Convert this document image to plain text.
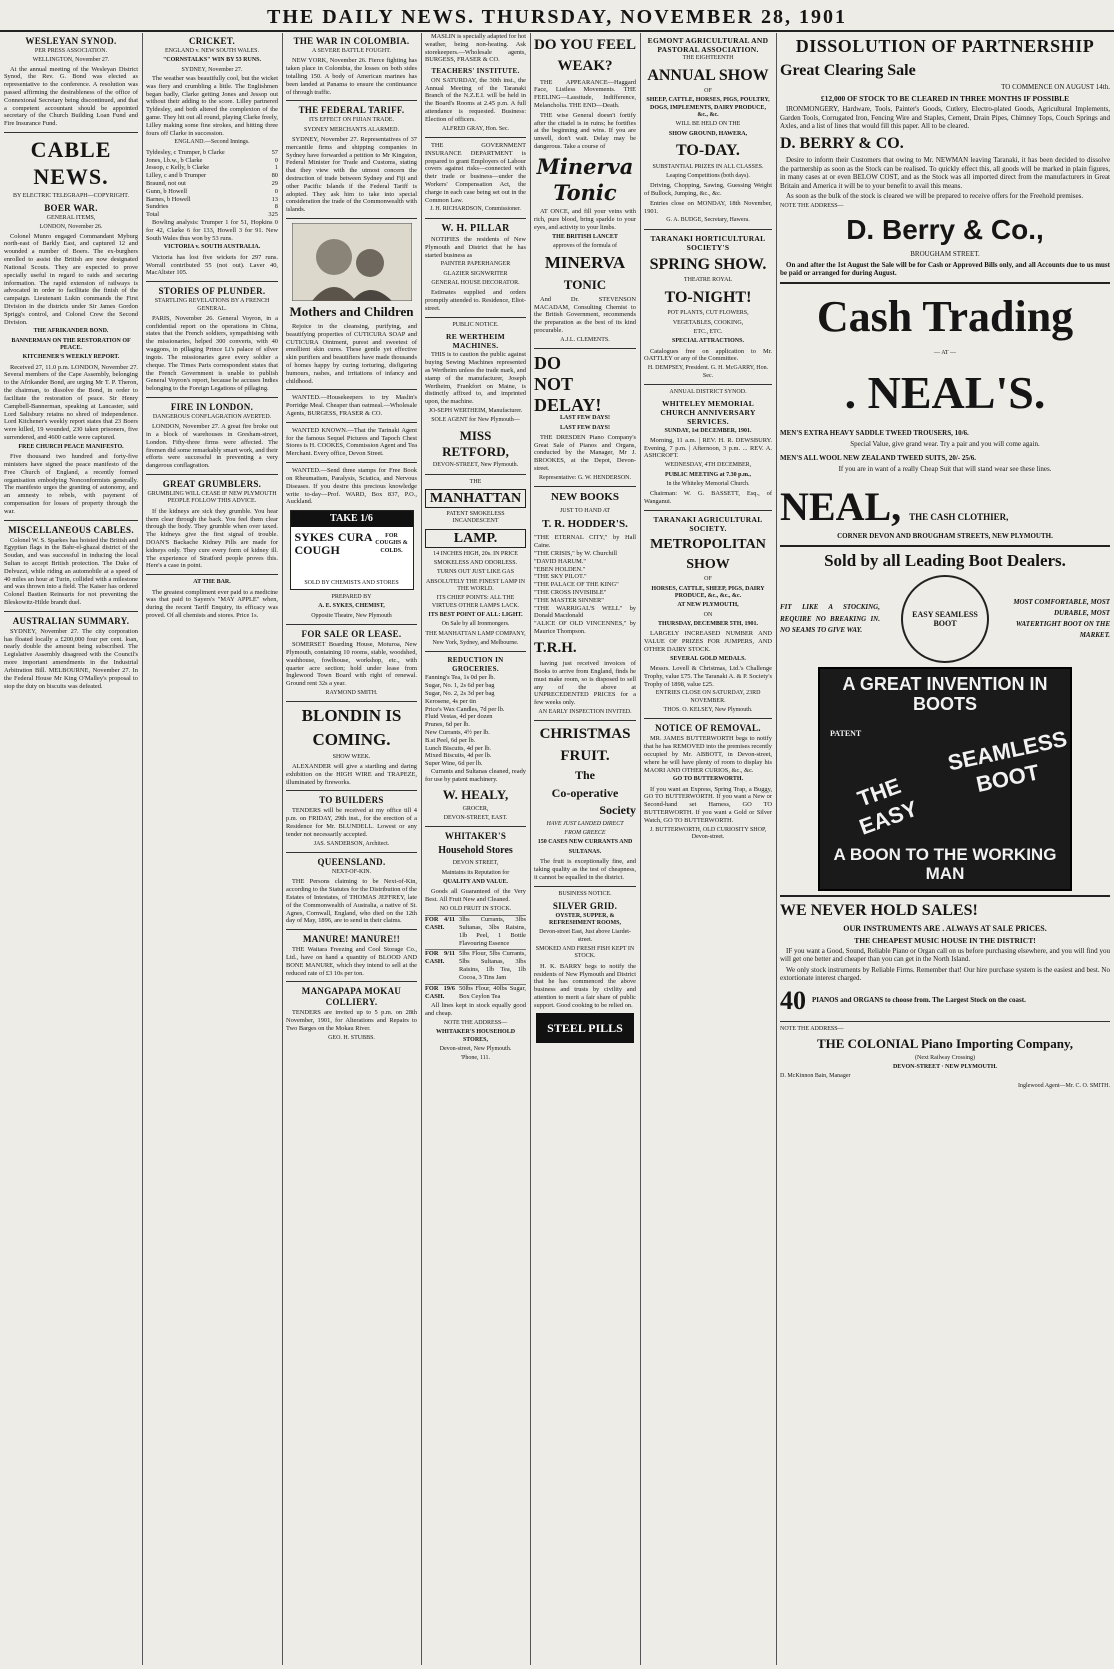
THE DAILY NEWS. THURSDAY, NOVEMBER 28, 1901
WESLEYAN SYNOD.
PER PRESS ASSOCIATION.
WELLINGTON, November 27.

At the annual meeting of the Wesleyan District Synod, the Rev. G. Bond was elected as representative to the conference. A resolution was passed affirming the desirableness of the office of Connexional Secretary being discontinued, and that a competent accountant should be appointed secretary of the Church Building Loan Fund and Fire Insurance Fund.

CABLE NEWS.
BY ELECTRIC TELEGRAPH—COPYRIGHT.
BOER WAR.
GENERAL ITEMS,
LONDON, November 26.

Colonel Munro engaged Commandant Myburg north-east of Barkly East, and captured 12 and wounded a number of Boers. The ex-burghers enrolled to assist the British are now designated National Scouts. They are expected to prove specially useful in regard to raids and securing information. The rapid extension of railways is advocated in order to facilitate the finish of the campaign. Lieutenant Lukin commands the First Division in the districts under Sir James Gordon Sprigg's control, and Colonel Crew the Second Division.

THE AFRIKANDER BOND.
BANNERMAN ON THE RESTORATION OF PEACE.
KITCHENER'S WEEKLY REPORT.

Received 27, 11.0 p.m. LONDON, November 27. Several members of the Cape Assembly, belonging to the Afrikander Bond, are urging Mr T. P. Theron, the chairman, to dissolve the Bond, in order to facilitate the restoration of peace. Sir Henry Campbell-Bannerman, speaking at Lancaster, said Lord Salisbury retains no shred of independence. Lord Kitchener's weekly report states that 23 Boers were killed, 19 wounded, 230 taken prisoners, five surrendered, and 4600 cattle were captured.

FREE CHURCH PEACE MANIFESTO.

Five thousand two hundred and forty-five ministers have signed the peace manifesto of the Free Church of England, a recently formed organisation embodying Nonconformists generally. The manifesto urges the granting of autonomy, and an amnesty to rebels, with payment of compensation for losses of property through the war.

MISCELLANEOUS CABLES.

Colonel W. S. Sparkes has hoisted the British and Egyptian flags in the Bahr-el-ghazal district of the Soudan, and was successful in inducing the local Sultan to accept British protection. The Duke of Delvuzzi, while riding an automobile at a speed of 40 miles an hour at Turin, collided with a milestone and was thrown into a field. The Kaiser has ordered Colonel Bastien Reinsurts for not preventing the Bleskowitz-Hilde brandt duel.

AUSTRALIAN SUMMARY.

SYDNEY, November 27. The city corporation has floated locally a £200,000 four per cent. loan, nearly double the amount being subscribed. The Legislative Assembly disagreed with the Council's more important amendments in the Industrial Arbitration Bill. MELBOURNE, November 27. In the Federal House Mr King O'Malley's proposal to stop the duty on biscuits was defeated.

CRICKET.
ENGLAND v. NEW SOUTH WALES.
"CORNSTALKS" WIN BY 53 RUNS.
SYDNEY, November 27.

The weather was beautifully cool, but the wicket was fiery and crumbling a little. The Englishmen began badly, Clarke getting Jones and Jessop out without their adding to the score. Lilley partnered Tyldesley, and both altered the complexion of the game. They hit out all round, playing Clarke freely, Lilley making some fine strokes, and hitting three fours off Clarke in succession.

ENGLAND.—Second Innings.
Tyldesley, c Trumper, b Clarke	57
Jones, l.b.w., b Clarke	0
Jessop, c Kelly, b Clarke	1
Lilley, c and b Trumper	80
Braund, not out	29
Gunn, b Howell	0
Barnes, b Howell	13
Sundries	8
Total	325

Bowling analysis: Trumper 1 for 51, Hopkins 0 for 42, Clarke 6 for 133, Howell 3 for 91. New South Wales thus won by 53 runs.

VICTORIA v. SOUTH AUSTRALIA.

Victoria has lost five wickets for 297 runs. Worrall contributed 55 (not out). Laver 40, MacAlister 105.

STORIES OF PLUNDER.
STARTLING REVELATIONS BY A FRENCH GENERAL.

PARIS, November 26. General Voyron, in a confidential report on the operations in China, states that the French soldiers, sympathising with the missionaries, helped 300 converts, with 40 waggons, in pillaging Prince Li's palace of silver ingots. The missionaries gave every soldier a cheque. The Times Paris correspondent states that the French Government is unable to publish General Voyron's report, because he accuses Indies belonging to the Foreign Legations of pillaging.

FIRE IN LONDON.
DANGEROUS CONFLAGRATION AVERTED.

LONDON, November 27. A great fire broke out in a block of warehouses in Gresham-street, London. Fifty-three firms were affected. The firemen did some remarkably smart work, and their efforts were successful in preventing a very dangerous conflagration.

GREAT GRUMBLERS.
GRUMBLING WILL CEASE IF NEW PLYMOUTH PEOPLE FOLLOW THIS ADVICE.

If the kidneys are sick they grumble. You hear them clear through the back. You feel them clear through the body. They grumble when over taxed. The kidneys give the first signal of trouble. DOAN'S Backache Kidney Pills are made for kidneys only. They cure every form of kidney ill. The experience of Stratford people proves this. Here's a case in point.

AT THE BAR.

The greatest compliment ever paid to a medicine was that paid to Sayers's "MAY APPLE" when, during the recent Tariff Enquiry, its efficacy was proved. Of all chemists and stores. Price 1s.

THE WAR IN COLOMBIA.
A SEVERE BATTLE FOUGHT.

NEW YORK, November 26. Fierce fighting has taken place in Colombia, the losses on both sides totalling 150. A body of American marines has been landed at Panama to ensure the continuance of through traffic.

THE FEDERAL TARIFF.
ITS EFFECT ON FIJIAN TRADE.
SYDNEY MERCHANTS ALARMED.

SYDNEY, November 27. Representatives of 37 mercantile firms and shipping companies in Sydney have forwarded a petition to Mr Kingston, Federal Minister for Trade and Customs, stating that they view with the utmost concern the destruction of trade between Sydney and Fiji and other Pacific Islands if the Federal Tariff is adopted. They ask him to take into special consideration the trade of the Commonwealth with islands.

Mothers and Children

Rejoice in the cleansing, purifying, and beautifying properties of CUTICURA SOAP and CUTICURA Ointment, purest and sweetest of emollient skin cures. These gentle yet effective skin purifiers and beautifiers have made thousands of homes happy by curing torturing, disfiguring humours, rashes, and irritations of infancy and childhood.

WANTED.—Housekeepers to try Maslin's Porridge Meal. Cheaper than oatmeal.—Wholesale Agents, BURGESS, FRASER & CO.

WANTED KNOWN.—That the Tarinaki Agent for the famous Sequel Pictures and Tapoch Chest Stores is H. COOKES, Commission Agent and Tea Merchant. Every office, Devon Street.

WANTED.—Send three stamps for Free Book on Rheumatism, Paralysis, Sciatica, and Nervous Diseases. If you desire this precious knowledge write to-day—Prof. WARD, Box 837, P.O., Auckland.

TAKE 1/6
SYKES CURA COUGH
FOR COUGHS & COLDS.
SOLD BY CHEMISTS AND STORES
PREPARED BY
A. E. SYKES, CHEMIST,
Opposite Theatre, New Plymouth
FOR SALE OR LEASE.

SOMERSET Boarding House, Moturoa, New Plymouth, containing 10 rooms, stable, woodshed, washhouse, fowlhouse, workshop, etc., with quarter acre section; hold under lease from Inglewood Town Board with right of renewal. Ground rent 32s a year.

RAYMOND SMITH.
BLONDIN IS
COMING.
SHOW WEEK.

ALEXANDER will give a startling and daring exhibition on the HIGH WIRE and TRAPEZE, illuminated by fireworks.

TO BUILDERS

TENDERS will be received at my office till 4 p.m. on FRIDAY, 29th inst., for the erection of a Residence for Mr. BLUNDELL. Lowest or any tender not necessarily accepted.

JAS. SANDERSON, Architect.
QUEENSLAND.
NEXT-OF-KIN.

THE Persons claiming to be Next-of-Kin, according to the Statutes for the Distribution of the Estates of Intestates, of THOMAS JEFFREY, late of the Commonwealth of Australia, a native of St. Agnes, Cornwall, England, who died on the 12th day of May, 1896, are to send in their claims.

MANURE! MANURE!!

THE Waitara Freezing and Cool Storage Co., Ltd., have on hand a quantity of BLOOD AND BONE MANURE, which they intend to sell at the reduced rate of £3 10s per ton.

MANGAPAPA MOKAU COLLIERY.

TENDERS are invited up to 5 p.m. on 28th November, 1901, for Alterations and Repairs to Two Barges on the Mokau River.

GEO. H. STUBBS.

MASLIN is specially adapted for hot weather, being non-heating. Ask storekeepers.—Wholesale agents, BURGESS, FRASER & CO.

TEACHERS' INSTITUTE.

ON SATURDAY, the 30th inst., the Annual Meeting of the Taranaki Branch of the N.Z.E.I. will be held in the Board's Rooms at 2.45 p.m. A full attendance is requested. Business: Election of officers.

ALFRED GRAY, Hon. Sec.

THE GOVERNMENT INSURANCE DEPARTMENT is prepared to grant Employers of Labour covers against risks—connected with their trade or business—under the Workers' Compensation Act, the charge in each case being set out in the Common Law.

J. H. RICHARDSON, Commissioner.
W. H. PILLAR

NOTIFIES the residents of New Plymouth and District that he has started business as

PAINTER PAPERHANGER
GLAZIER SIGNWRITER
GENERAL HOUSE DECORATOR.

Estimates supplied and orders promptly attended to. Residence, Eliot-street.

PUBLIC NOTICE.
RE WERTHEIM MACHINES.

THIS is to caution the public against buying Sewing Machines represented as Wertheim unless the trade mark, and stamp of the manufacturer, Joseph Wertheim, Frankfort on Maine, is distinctly affixed to, and imprinted upon, the machine.

JO-SEPH WERTHEIM, Manufacturer.
SOLE AGENT for New Plymouth—
MISS RETFORD,
DEVON-STREET, New Plymouth.
THE
MANHATTAN
PATENT SMOKELESS INCANDESCENT
LAMP.
14 INCHES HIGH, 20s. IN PRICE
SMOKELESS AND ODORLESS.
TURNS OUT JUST LIKE GAS
ABSOLUTELY THE FINEST LAMP IN THE WORLD.
ITS CHIEF POINTS: ALL THE VIRTUES OTHER LAMPS LACK.
ITS BEST POINT OF ALL: LIGHT.
On Sale by all Ironmongers.
THE MANHATTAN LAMP COMPANY,
New York, Sydney, and Melbourne.
REDUCTION IN GROCERIES.
Fanning's Tea, 1s 0d per lb.
Sugar, No. 1, 2s 6d per bag
Sugar, No. 2, 2s 3d per bag
Kerosene, 4s per tin
Price's Wax Candles, 7d per lb.
Fluid Vestas, 4d per dozen
Prunes, 6d per lb.
New Currants, 4½ per lb.
B.st Peel, 6d per lb.
Lunch Biscuits, 4d per lb.
Mixed Biscuits, 4d per lb.
Super Wine, 6d per lb.

Currants and Sultanas cleaned, ready for use by patent machinery.

W. HEALY,
GROCER,
DEVON-STREET, EAST.
WHITAKER'S
Household Stores
DEVON STREET,
Maintains its Reputation for
QUALITY AND VALUE.

Goods all Guaranteed of the Very Best. All Fruit New and Cleaned.

NO OLD FRUIT IN STOCK.
FOR 4/11 CASH.
3lbs Currants, 3lbs Sultanas, 3lbs Raisins, 1lb Peel, 1 Bottle Flavouring Essence
FOR 9/11 CASH.
5lbs Flour, 5lbs Currants, 5lbs Sultanas, 3lbs Raisins, 1lb Tea, 1lb Cocoa, 3 Tins Jam
FOR 19/6 CASH.
50lbs Flour, 40lbs Sugar, Box Ceylon Tea

All lines kept in stock equally good and cheap.

NOTE THE ADDRESS—
WHITAKER'S HOUSEHOLD STORES,
Devon-street, New Plymouth.
'Phone, 111.
DO YOU FEEL
WEAK?

THE APPEARANCE—Haggard Face, Listless Movements. THE FEELING—Lassitude, Indifference, Melancholia. THE END—Death.

THE wise General doesn't fortify after the citadel is in ruins; he fortifies at the beginning and wins. If you are unwell, don't wait. Delay may be dangerous. Take a course of

Minerva Tonic

AT ONCE, and fill your veins with rich, pure blood, bring sparkle to your eyes, and activity to your limbs.

THE BRITISH LANCET
approves of the formula of
MINERVA
TONIC

And Dr. STEVENSON MACADAM, Consulting Chemist to the British Government, recommends the preparation as the best of its kind procurable.

A.J.L. CLEMENTS.
DO
NOT
DELAY!
LAST FEW DAYS!
LAST FEW DAYS!

THE DRESDEN Piano Company's Great Sale of Pianos and Organs, conducted by the Manager, Mr J. BROOKES, at the Depot, Devon-street.

Representative: G. W. HENDERSON.
NEW BOOKS
JUST TO HAND AT
T. R. HODDER'S.
"THE ETERNAL CITY," by Hall Caine.
"THE CRISIS," by W. Churchill
"DAVID HARUM."
"EBEN HOLDEN."
"THE SKY PILOT."
"THE PALACE OF THE KING"
"THE CROSS INVISIBLE"
"THE MASTER SINNER"
"THE WARRIGAL'S WELL" by Donald Macdonald
"ALICE OF OLD VINCENNES," by Maurice Thompson.
T.R.H.

having just received invoices of Books to arrive from England, finds he must make room, so is disposed to sell any of the above at UNPRECEDENTED PRICES for a few weeks only.

AN EARLY INSPECTION INVITED.
CHRISTMAS
FRUIT.
The
Co-operative
Society
HAVE JUST LANDED DIRECT
FROM GREECE
150 CASES NEW CURRANTS AND
SULTANAS.

The fruit is exceptionally fine, and taking quality as the test of cheapness, it cannot be equalled in the district.

BUSINESS NOTICE.
SILVER GRID.
OYSTER, SUPPER, & REFRESHMENT ROOMS,
Devon-street East, Just above Liardet-street.
SMOKED AND FRESH FISH KEPT IN STOCK.

H. K. BARRY begs to notify the residents of New Plymouth and District that he has commenced the above business and trusts by civility and attention to merit a fair share of public support. Good cooking to be relied on.

STEEL PILLS
EGMONT AGRICULTURAL AND PASTORAL ASSOCIATION.
THE EIGHTEENTH
ANNUAL SHOW
OF
SHEEP, CATTLE, HORSES, PIGS, POULTRY, DOGS, IMPLEMENTS, DAIRY PRODUCE, &c., &c.
WILL BE HELD ON THE
SHOW GROUND, HAWERA,
TO-DAY.
SUBSTANTIAL PRIZES IN ALL CLASSES.
Leaping Competitions (both days).

Driving, Chopping, Sawing, Guessing Weight of Bullock, Jumping, &c., &c.

Entries close on MONDAY, 18th November, 1901.

G. A. BUDGE, Secretary, Hawera.
TARANAKI HORTICULTURAL SOCIETY'S
SPRING SHOW.
THEATRE ROYAL
TO-NIGHT!
POT PLANTS, CUT FLOWERS,
VEGETABLES, COOKING,
ETC., ETC.
SPECIAL ATTRACTIONS.

Catalogues free on application to Mr. OATTLEY or any of the Committee.

H. DEMPSEY, President. G. H. McGARRY, Hon. Sec.
ANNUAL DISTRICT SYNOD.
WHITELEY MEMORIAL CHURCH ANNIVERSARY SERVICES.
SUNDAY, 1st DECEMBER, 1901.

Morning, 11 a.m. | REV. H. R. DEWSBURY. Evening, 7 p.m. | Afternoon, 3 p.m. ... REV. A. ASHCROFT.

WEDNESDAY, 4TH DECEMBER,
PUBLIC MEETING at 7.30 p.m.,
In the Whiteley Memorial Church.

Chairman: W. G. BASSETT, Esq., of Wanganui.

TARANAKI AGRICULTURAL SOCIETY.
METROPOLITAN
SHOW
OF
HORSES, CATTLE, SHEEP, PIGS, DAIRY PRODUCE, &c., &c., &c.
AT NEW PLYMOUTH,
ON
THURSDAY, DECEMBER 5TH, 1901.

LARGELY INCREASED NUMBER AND VALUE OF PRIZES FOR JUMPERS, AND OTHER DAIRY STOCK.

SEVERAL GOLD MEDALS.

Messrs. Lovell & Christmas, Ltd.'s Challenge Trophy, value £75. The Taranaki A. & P. Society's Trophy of 1898, value £25.

ENTRIES CLOSE ON SATURDAY, 23RD NOVEMBER.
THOS. O. KELSEY, New Plymouth.
NOTICE OF REMOVAL.

MR. JAMES BUTTERWORTH begs to notify that he has REMOVED into the premises recently occupied by Mr. ABBOTT, in Devon-street, where he will have plenty of room to display his MAORI AND OTHER CURIOS, &c., &c.

GO TO BUTTERWORTH.

If you want an Express, Spring Trap, a Buggy, GO TO BUTTERWORTH. If you want a New or Second-hand set Harness, GO TO BUTTERWORTH. If you want a Gold or Silver Watch, GO TO BUTTERWORTH.

J. BUTTERWORTH, OLD CURIOSITY SHOP, Devon-street.
DISSOLUTION OF PARTNERSHIP
Great Clearing Sale
TO COMMENCE ON AUGUST 14th.
£12,000 OF STOCK TO BE CLEARED IN THREE MONTHS IF POSSIBLE

IRONMONGERY, Hardware, Tools, Painter's Goods, Cutlery, Electro-plated Goods, Agricultural Implements, Garden Tools, Corrugated Iron, Fencing Wire and Staples, Cement, Drain Pipes, Chimney Tops, Couch Springs and Axles, and a list of lines that would fill this paper. All to be cleared.

D. BERRY & CO.

Desire to inform their Customers that owing to Mr. NEWMAN leaving Taranaki, it has been decided to dissolve the partnership as soon as the Stock can be realised. To quickly effect this, all goods will be marked in plain figures, in many cases at or even BELOW COST, and as the Stock was all imported direct from the manufacturers in Great Britain and America it will be to your benefit to avail this means.

As soon as the bulk of the stock is cleared we will be prepared to receive offers for the Freehold premises.

NOTE THE ADDRESS—
D. Berry & Co.,
BROUGHAM STREET.

On and after the 1st August the Sale will be for Cash or Approved Bills only, and all Accounts due to us must be paid or arranged for during August.

Cash Trading
— AT —
. NEAL'S.
MEN'S EXTRA HEAVY SADDLE TWEED TROUSERS, 10/6.
Special Value, give grand wear. Try a pair and you will come again.
MEN'S ALL WOOL NEW ZEALAND TWEED SUITS, 20/- 25/6.
If you are in want of a really Cheap Suit that will stand wear see these lines.
NEAL, THE CASH CLOTHIER,
CORNER DEVON AND BROUGHAM STREETS, NEW PLYMOUTH.
Sold by all Leading Boot Dealers.
FIT LIKE A STOCKING, REQUIRE NO BREAKING IN. NO SEAMS TO GIVE WAY.
EASY SEAMLESS BOOT
MOST COMFORTABLE, MOST DURABLE, MOST WATERTIGHT BOOT ON THE MARKET.
A GREAT INVENTION IN BOOTS
PATENT	SEAMLESS BOOT
THE EASY
A BOON TO THE WORKING MAN
WE NEVER HOLD SALES!
OUR INSTRUMENTS ARE . ALWAYS AT SALE PRICES.
THE CHEAPEST MUSIC HOUSE IN THE DISTRICT!

IF you want a Good, Sound, Reliable Piano or Organ call on us before purchasing elsewhere, and you will find you will get one better and cheaper than you can get in the North Island.

We only stock instruments by Reliable Firms. Remember that! Our hire purchase system is the easiest and best. No extortionate interest charged.

40 PIANOS and ORGANS to choose from. The Largest Stock on the coast.
NOTE THE ADDRESS—
THE COLONIAL Piano Importing Company,
(Next Railway Crossing)
DEVON-STREET · NEW PLYMOUTH.
D. McKinnon Bain, Manager
Inglewood Agent—Mr. C. O. SMITH.
